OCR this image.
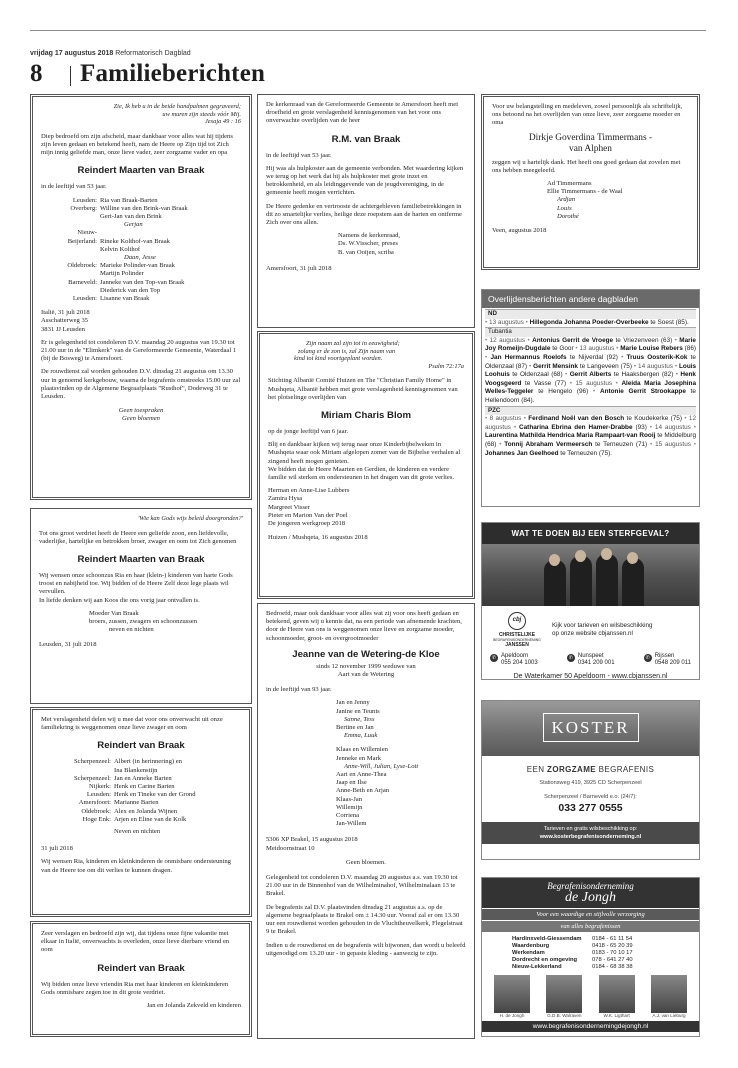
vrijdag 17 augustus 2018 Reformatorisch Dagblad
8 Familieberichten
Zie, Ik heb u in de beide handpalmen gegraveerd;
uw muren zijn steeds vóór Mij.
Jesaja 49 : 16

Diep bedroefd om zijn afscheid, maar dankbaar voor alles wat hij tijdens zijn leven gedaan en betekend heeft, nam de Heere op Zijn tijd tot Zich mijn innig geliefde man, onze lieve vader, zeer zorgzame vader en opa

Reindert Maarten van Braak

in de leeftijd van 53 jaar.

Leusden: Ria van Braak-Barten
Overberg: Willine van den Brink-van Braak
Gert-Jan van den Brink
Gerjan
Nieuw-
Beijerland: Rineke Kolthof-van Braak
Kelvin Kolthof
Daan, Jesse
Oldebroek: Marieke Polinder-van Braak
Martijn Polinder
Barneveld: Janneke van den Top-van Braak
Diederick van den Top
Leusden: Lisanne van Braak
Italië, 31 juli 2018
Asschatterweg 35
3831 JJ Leusden

Er is gelegenheid tot condoleren D.V. maandag 20 augustus van 19.30 tot 21.00 uur in de "Elimkerk" van de Gereformeerde Gemeente, Waterdaal 1 (bij de Bosweg) te Amersfoort.

De rouwdienst zal worden gehouden D.V. dinsdag 21 augustus om 13.30 uur in genoemd kerkgebouw, waarna de begrafenis omstreeks 15.00 uur zal plaatsvinden op de Algemene Begraafplaats "Rusthof", Dodeweg 31 te Leusden.

Geen toespraken
Geen bloemen
'Wie kan Gods wijs beleid doorgronden?'

Tot ons groot verdriet heeft de Heere een geliefde zoon, een liefdevolle, vaderlijke, hartelijke en betrokken broer, zwager en oom tot Zich genomen

Reindert Maarten van Braak

Wij wensen onze schoonzus Ria en haar (klein-) kinderen van harte Gods troost en nabijheid toe. Wij bidden of de Heere Zelf deze lege plaats wil vervullen.

In liefde denken wij aan Koos die ons vorig jaar ontvallen is.

Moeder Van Braak
broers, zussen, zwagers en schoonzussen
neven en nichten
Leusden, 31 juli 2018

Met verslagenheid delen wij u mee dat voor ons onverwacht uit onze familiekring is weggenomen onze lieve zwager en oom

Reindert van Braak
Scherpenzeel: Albert (in herinnering) en
Ina Blankenstijn
Scherpenzeel: Jan en Anneke Barten
Nijkerk: Henk en Carine Barten
Leusden: Henk en Tineke van der Grond
Amersfoort: Marianne Barten
Oldebroek: Alex en Jolanda Wijnen
Hoge Enk: Arjen en Eline van de Kolk
Neven en nichten

31 juli 2018

Wij wensen Ria, kinderen en kleinkinderen de onmisbare ondersteuning van de Heere toe om dit verlies te kunnen dragen.

Zeer verslagen en bedroefd zijn wij, dat tijdens onze fijne vakantie met elkaar in Italië, onverwachts is overleden, onze lieve dierbare vriend en oom

Reindert van Braak

Wij bidden onze lieve vriendin Ria met haar kinderen en kleinkinderen Gods onmisbare zegen toe in dit grote verdriet.

Jan en Jolanda Zekveld en kinderen

De kerkenraad van de Gereformeerde Gemeente te Amersfoort heeft met droefheid en grote verslagenheid kennisgenomen van het voor ons onverwachte overlijden van de heer

R.M. van Braak

in de leeftijd van 53 jaar.

Hij was als hulpkoster aan de gemeente verbonden. Met waardering kijken we terug op het werk dat hij als hulpkoster met grote inzet en betrokkenheid, en als leidinggevende van de jeugdvereniging, in de gemeente heeft mogen verrichten.

De Heere gedenke en vertrooste de achtergebleven familiebetrekkingen in dit zo smartelijke verlies, heilige deze roepstem aan de harten en ontferme Zich over ons allen.

Namens de kerkenraad,
Ds. W.Visscher, preses
B. van Ooijen, scriba
Amersfoort, 31 juli 2018
Zijn naam zal zijn tot in eeuwigheid;
zolang er de zon is, zal Zijn naam van
kind tot kind voortgeplant worden.
Psalm 72:17a

Stichting Albanië Comité Huizen en The "Christian Family Home" in Mushqeta, Albanië hebben met grote verslagenheid kennisgenomen van het plotselinge overlijden van

Miriam Charis Blom

op de jonge leeftijd van 6 jaar.

Blij en dankbaar kijken wij terug naar onze Kinderbijbelweken in Mushqeta waar ook Miriam afgelopen zomer van de Bijbelse verhalen al zingend heeft mogen genieten.

We bidden dat de Heere Maarten en Gerdien, de kinderen en verdere familie wil sterken en ondersteunen in het dragen van dit grote verlies.

Herman en Anne-Lise Lubbers
Zamira Hysa
Margreet Visser
Pieter en Marion Van der Poel
De jongeren werkgroep 2018
Huizen / Mushqeta, 16 augustus 2018

Bedroefd, maar ook dankbaar voor alles wat zij voor ons heeft gedaan en betekend, geven wij u kennis dat, na een periode van afnemende krachten, door de Heere van ons is weggenomen onze lieve en zorgzame moeder, schoonmoeder, groot- en overgrootmoeder

Jeanne van de Wetering-de Kloe
sinds 12 november 1999 weduwe van
Aart van de Wetering

in de leeftijd van 93 jaar.

Jan en Jenny
Janine en Teunis
Sanne, Tess
Bertine en Jan
Emma, Luuk
Klaas en Willemien
Jenneke en Mark
Anne-Will, Julian, Lyse-Lott
Aart en Anne-Thea
Jaap en Ilse
Anne-Beth en Arjan
Klaas-Jan
Willemijn
Corriena
Jan-Willem
5306 XP Brakel, 15 augustus 2018
Meidoornstraat 10
Geen bloemen.

Gelegenheid tot condoleren D.V. maandag 20 augustus a.s. van 19.30 tot 21.00 uur in de Binnenhof van de Wilhelminahof, Wilhelminalaan 13 te Brakel.

De begrafenis zal D.V. plaatsvinden dinsdag 21 augustus a.s. op de algemene begraafplaats te Brakel om ± 14.30 uur. Vooraf zal er om 13.30 uur een rouwdienst worden gehouden in de Vluchtheuvelkerk, Flegelstraat 9 te Brakel.

Indien u de rouwdienst en de begrafenis wilt bijwonen, dan wordt u beleefd uitgenodigd om 13.20 uur - in gepaste kleding - aanwezig te zijn.

Voor uw belangstelling en medeleven, zowel persoonlijk als schriftelijk, ons betoond na het overlijden van onze lieve, zeer zorgzame moeder en oma

Dirkje Goverdina Timmermans -
van Alphen

zeggen wij u hartelijk dank. Het heeft ons goed gedaan dat zovelen met ons hebben meegeleefd.

Ad Timmermans
Ellie Timmermans - de Waal
Ardjan
Louis
Dorothé
Veen, augustus 2018
Overlijdensberichten andere dagbladen
ND
• 13 augustus • Hillegonda Johanna Poeder-Overbeeke te Soest (85).
Tubantia
• 12 augustus • Antonius Gerrit de Vroege te Vriezenveen (63) • Marie Joy Romeijn-Dugdale te Goor • 13 augustus • Marie Louise Rebers (86) • Jan Hermannus Roelofs te Nijverdal (92) • Truus Oosterik-Kok te Oldenzaal (87) • Gerrit Mensink te Langeveen (75) • 14 augustus • Louis Loohuis te Oldenzaal (68) • Gerrit Alberts te Haaksbergen (82) • Henk Voogsgeerd te Vasse (77) • 15 augustus • Aleida Maria Josephina Welles-Teggeler te Hengelo (96) • Antonie Gerrit Strookappe te Hellendoorn (84).
PZC
• 8 augustus • Ferdinand Noël van den Bosch te Koudekerke (75) • 12 augustus • Catharina Ebrina den Hamer-Drabbe (93) • 14 augustus • Laurentina Mathilda Hendrica Maria Rampaart-van Rooij te Middelburg (68) • Tonnij Abraham Vermeersch te Terneuzen (71) • 15 augustus • Johannes Jan Geelhoed te Terneuzen (75).
WAT TE DOEN BIJ EEN STERFGEVAL?
cbj
CHRISTELIJKE
BEGRAFENISONDERNEMING
JANSSEN
Kijk voor tarieven en wilsbeschikking
op onze website cbjanssen.nl
✆ Apeldoorn
055 204 1003
✆ Nunspeet
0341 209 001
✆ Rijssen
0548 209 011
De Waterkamer 50 Apeldoorn - www.cbjanssen.nl
KOSTER
EEN ZORGZAME BEGRAFENIS
Stationsweg 419, 3925 CD Scherpenzeel
Scherpenzeel / Barneveld e.o. (24/7):
033 277 0555
Tarieven en gratis wilsbeschikking op:
www.kosterbegrafenisonderneming.nl
Begrafenisonderneming
de Jongh
Voor een waardige en stijlvolle verzorging
van alles begrafenissen
Hardinxveld-Giessendam	0184 - 61 11 54
Waardenburg	0418 - 65 20 39
Werkendam	0183 - 70 10 17
Dordrecht en omgeving	078 - 641 27 40
Nieuw-Lekkerland	0184 - 68 38 38
H. de Jongh	G.D.B. Walraven	W.K. Ligthart	A.J. van Lieburg
www.begrafenisondernemingdejongh.nl
